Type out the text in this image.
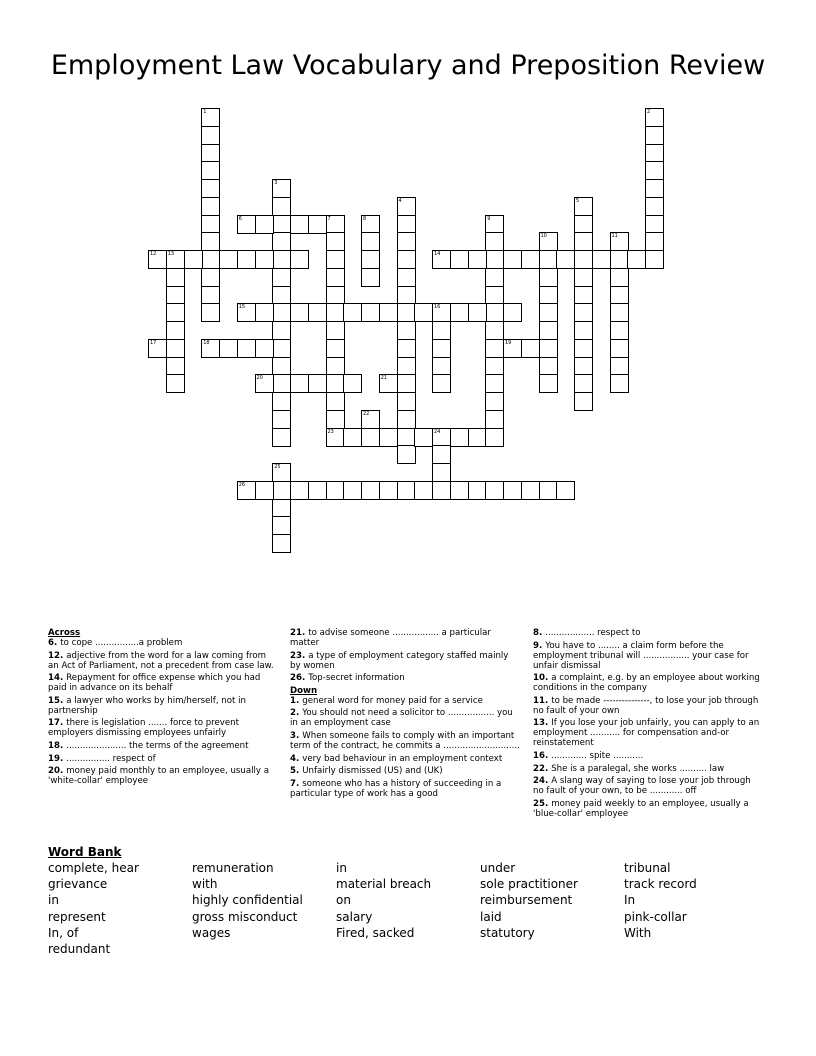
Employment Law Vocabulary and Preposition Review
1	2
3
4	5
6	7	8	9
10	11
12 13	14
15	16
17	18	19
20	21
22
23	24
25
26
Across
6. to cope ................a problem
12. adjective from the word for a law coming from an Act of Parliament, not a precedent from case law.
14. Repayment for office expense which you had paid in advance on its behalf
15. a lawyer who works by him/herself, not in partnership
17. there is legislation ....... force to prevent employers dismissing employees unfairly
18. ...................... the terms of the agreement
19. ................ respect of
20. money paid monthly to an employee, usually a 'white-collar' employee
21. to advise someone ................. a particular matter
23. a type of employment category staffed mainly by women
26. Top-secret information
Down
1. general word for money paid for a service
2. You should not need a solicitor to ................. you in an employment case
3. When someone fails to comply with an important term of the contract, he commits a ............................
4. very bad behaviour in an employment context
5. Unfairly dismissed (US) and (UK)
7. someone who has a history of succeeding in a particular type of work has a good
8. .................. respect to
9. You have to ........ a claim form before the employment tribunal will ................. your case for unfair dismissal
10. a complaint, e.g. by an employee about working conditions in the company
11. to be made ---------------, to lose your job through no fault of your own
13. If you lose your job unfairly, you can apply to an employment ........... for compensation and-or reinstatement
16. ............. spite ...........
22. She is a paralegal, she works .......... law
24. A slang way of saying to lose your job through no fault of your own, to be ............ off
25. money paid weekly to an employee, usually a 'blue-collar' employee
Word Bank
complete, hear
grievance
in
represent
In, of
redundant
remuneration
with
highly confidential
gross misconduct
wages
in
material breach
on
salary
Fired, sacked
under
sole practitioner
reimbursement
laid
statutory
tribunal
track record
In
pink-collar
With
